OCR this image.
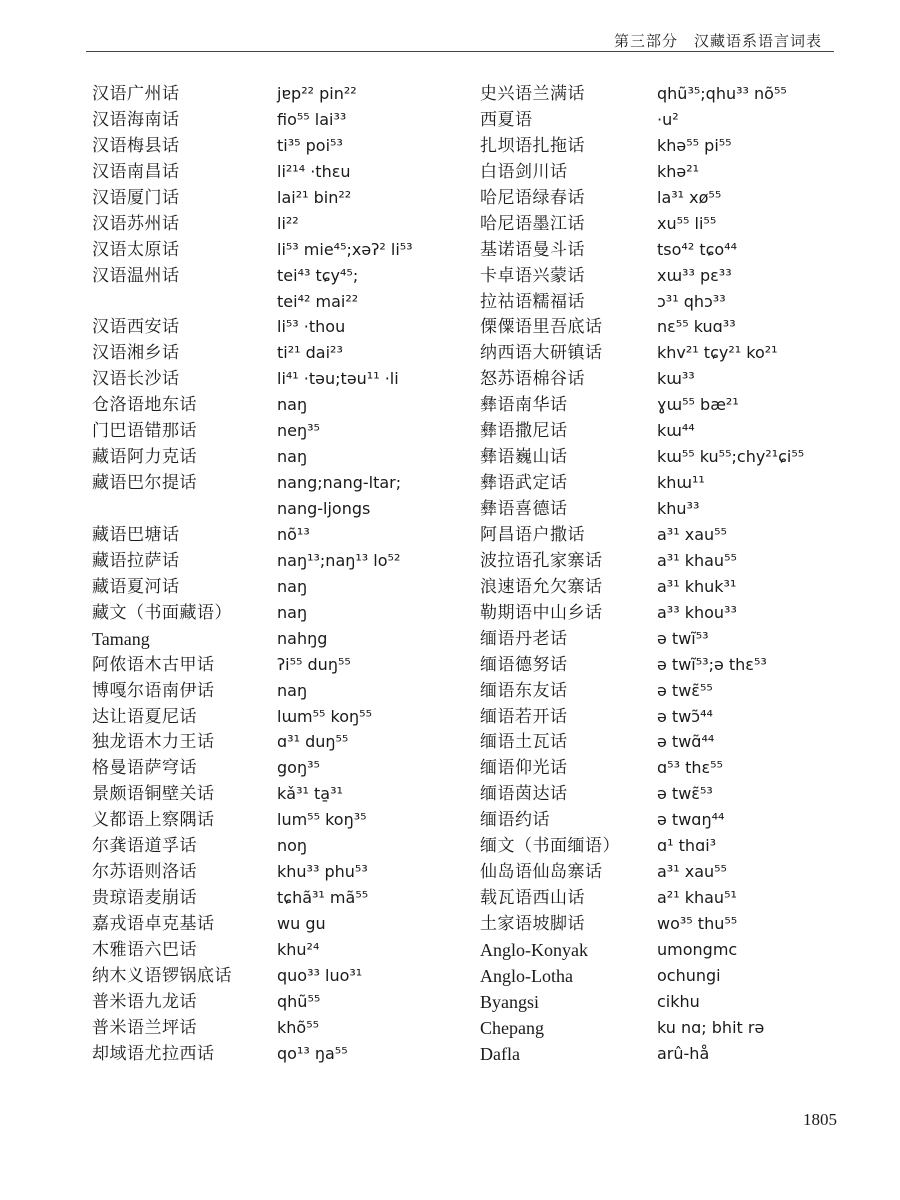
第三部分　汉藏语系语言词表
汉语广州话	jɐp²² pin²²
汉语海南话	fio⁵⁵ lai³³
汉语梅县话	ti³⁵ poi⁵³
汉语南昌话	li²¹⁴ ·thɛu
汉语厦门话	lai²¹ bin²²
汉语苏州话	li²²
汉语太原话	li⁵³ mie⁴⁵;xəʔ² li⁵³
汉语温州话	tei⁴³ tɕy⁴⁵;
tei⁴² mai²²
汉语西安话	li⁵³ ·thou
汉语湘乡话	ti²¹ dai²³
汉语长沙话	li⁴¹ ·təu;təu¹¹ ·li
仓洛语地东话	naŋ
门巴语错那话	neŋ³⁵
藏语阿力克话	naŋ
藏语巴尔提话	nang;nang-ltar;
nang-ljongs
藏语巴塘话	nõ¹³
藏语拉萨话	naŋ¹³;naŋ¹³ lo⁵²
藏语夏河话	naŋ
藏文（书面藏语）	naŋ
Tamang	nahŋg
阿侬语木古甲话	ʔi⁵⁵ duŋ⁵⁵
博嘎尔语南伊话	naŋ
达让语夏尼话	lɯm⁵⁵ koŋ⁵⁵
独龙语木力王话	ɑ³¹ duŋ⁵⁵
格曼语萨穹话	goŋ³⁵
景颇语铜壁关话	kǎ³¹ ta̱³¹
义都语上察隅话	lum⁵⁵ koŋ³⁵
尔龚语道孚话	noŋ
尔苏语则洛话	khu³³ phu⁵³
贵琼语麦崩话	tɕhã³¹ mã⁵⁵
嘉戎语卓克基话	wu gu
木雅语六巴话	khu²⁴
纳木义语锣锅底话	quo³³ luo³¹
普米语九龙话	qhũ⁵⁵
普米语兰坪话	khõ⁵⁵
却域语尤拉西话	qo¹³ ŋa⁵⁵
史兴语兰满话	qhũ³⁵;qhu³³ nõ⁵⁵
西夏语	·u²
扎坝语扎拖话	khə⁵⁵ pi⁵⁵
白语剑川话	khə²¹
哈尼语绿春话	la³¹ xø⁵⁵
哈尼语墨江话	xu⁵⁵ li⁵⁵
基诺语曼斗话	tso⁴² tɕo⁴⁴
卡卓语兴蒙话	xɯ³³ pɛ³³
拉祜语糯福话	ɔ³¹ qhɔ³³
傈僳语里吾底话	nɛ⁵⁵ kuɑ³³
纳西语大研镇话	khv²¹ tɕy²¹ ko²¹
怒苏语棉谷话	kɯ³³
彝语南华话	ɣɯ⁵⁵ bæ²¹
彝语撒尼话	kɯ⁴⁴
彝语巍山话	kɯ⁵⁵ ku⁵⁵;chy²¹ɕi⁵⁵
彝语武定话	khɯ¹¹
彝语喜德话	khu³³
阿昌语户撒话	a³¹ xau⁵⁵
波拉语孔家寨话	a³¹ khau⁵⁵
浪速语允欠寨话	a³¹ khuk³¹
勒期语中山乡话	a³³ khou³³
缅语丹老话	ə twĩ⁵³
缅语德努话	ə twĩ⁵³;ə thɛ⁵³
缅语东友话	ə twɛ̃⁵⁵
缅语若开话	ə twɔ̃⁴⁴
缅语土瓦话	ə twɑ̃⁴⁴
缅语仰光话	ɑ⁵³ thɛ⁵⁵
缅语茵达话	ə twɛ̃⁵³
缅语约话	ə twɑŋ⁴⁴
缅文（书面缅语） ɑ¹ thɑi³
仙岛语仙岛寨话	a³¹ xau⁵⁵
载瓦语西山话	a²¹ khau⁵¹
土家语坡脚话	wo³⁵ thu⁵⁵
Anglo-Konyak	umongmc
Anglo-Lotha	ochungi
Byangsi	cikhu
Chepang	ku nɑ; bhit rə
Dafla	arû-hå
1805
